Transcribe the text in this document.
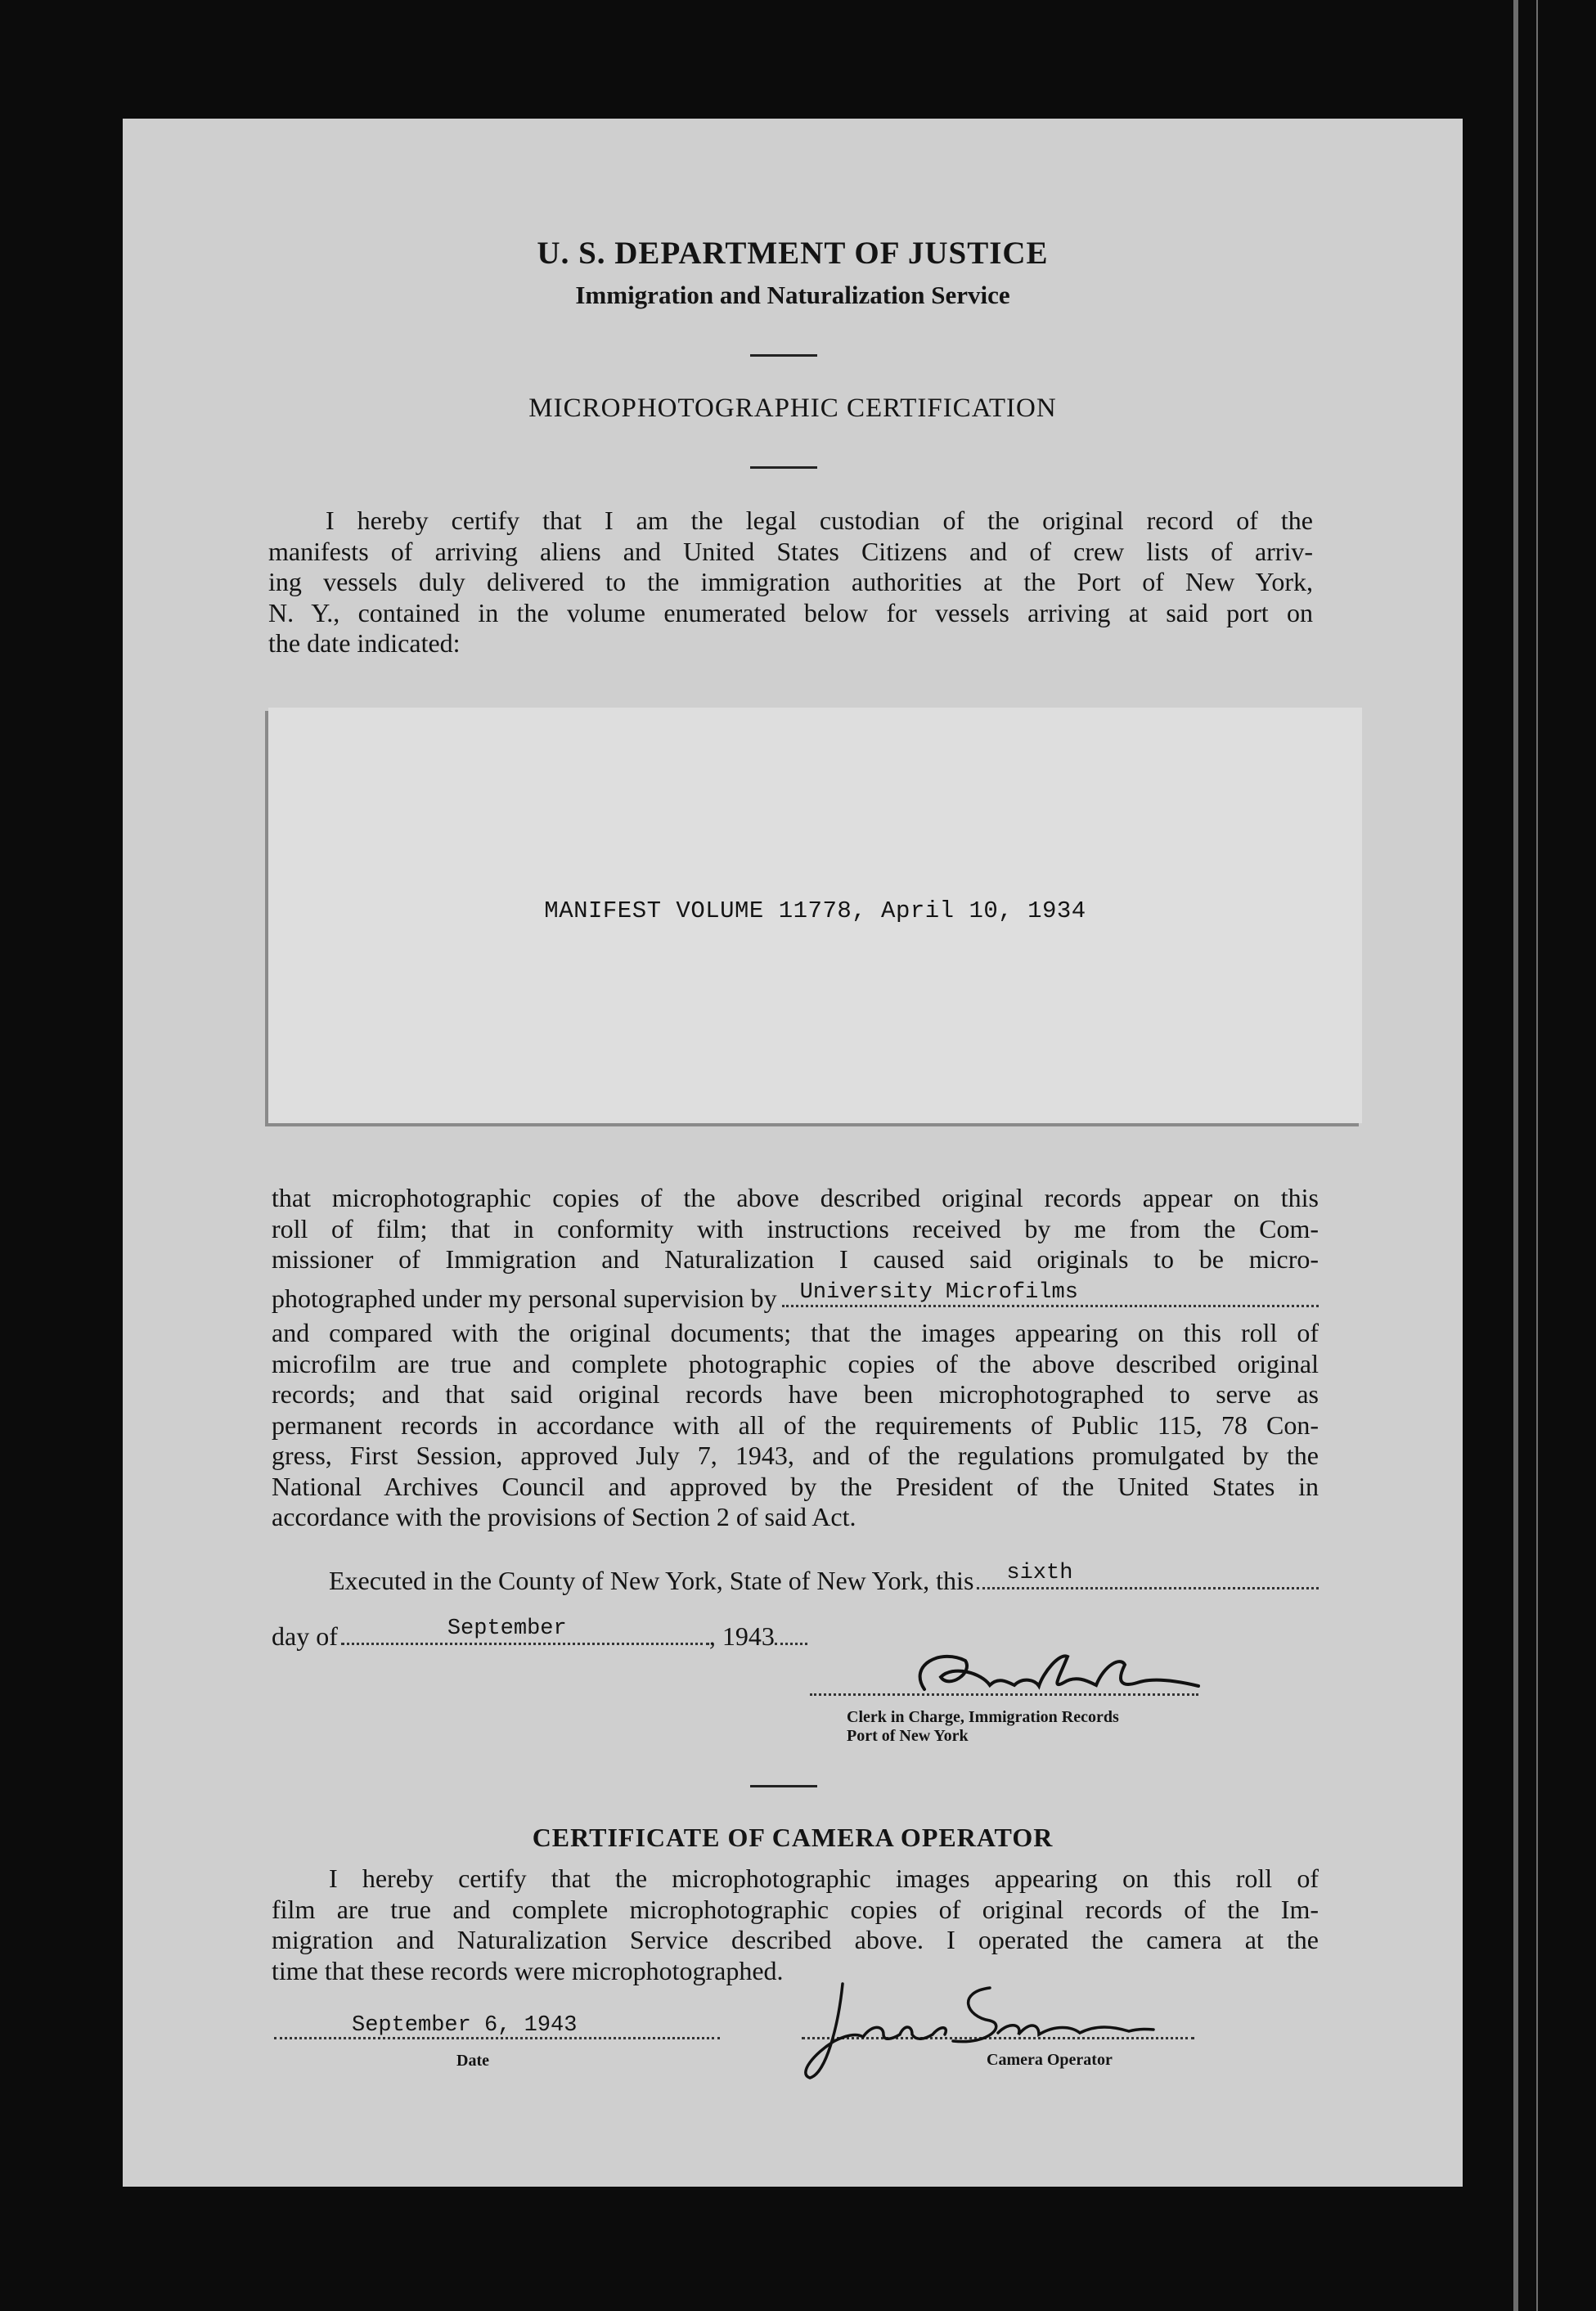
U. S. DEPARTMENT OF JUSTICE
Immigration and Naturalization Service
MICROPHOTOGRAPHIC CERTIFICATION
I hereby certify that I am the legal custodian of the original record of the
manifests of arriving aliens and United States Citizens and of crew lists of arriv-
ing vessels duly delivered to the immigration authorities at the Port of New York,
N. Y., contained in the volume enumerated below for vessels arriving at said port on
the date indicated:
MANIFEST VOLUME 11778, April 10, 1934
that microphotographic copies of the above described original records appear on this
roll of film; that in conformity with instructions received by me from the Com-
missioner of Immigration and Naturalization I caused said originals to be micro-
photographed under my personal supervision by University Microfilms
and compared with the original documents; that the images appearing on this roll of
microfilm are true and complete photographic copies of the above described original
records; and that said original records have been microphotographed to serve as
permanent records in accordance with all of the requirements of Public 115, 78 Con-
gress, First Session, approved July 7, 1943, and of the regulations promulgated by the
National Archives Council and approved by the President of the United States in
accordance with the provisions of Section 2 of said Act.
Executed in the County of New York, State of New York, this sixth
day of	September	, 1943
Clerk in Charge, Immigration Records
Port of New York
CERTIFICATE OF CAMERA OPERATOR
I hereby certify that the microphotographic images appearing on this roll of
film are true and complete microphotographic copies of original records of the Im-
migration and Naturalization Service described above. I operated the camera at the
time that these records were microphotographed.
September 6, 1943
Date	Camera Operator
